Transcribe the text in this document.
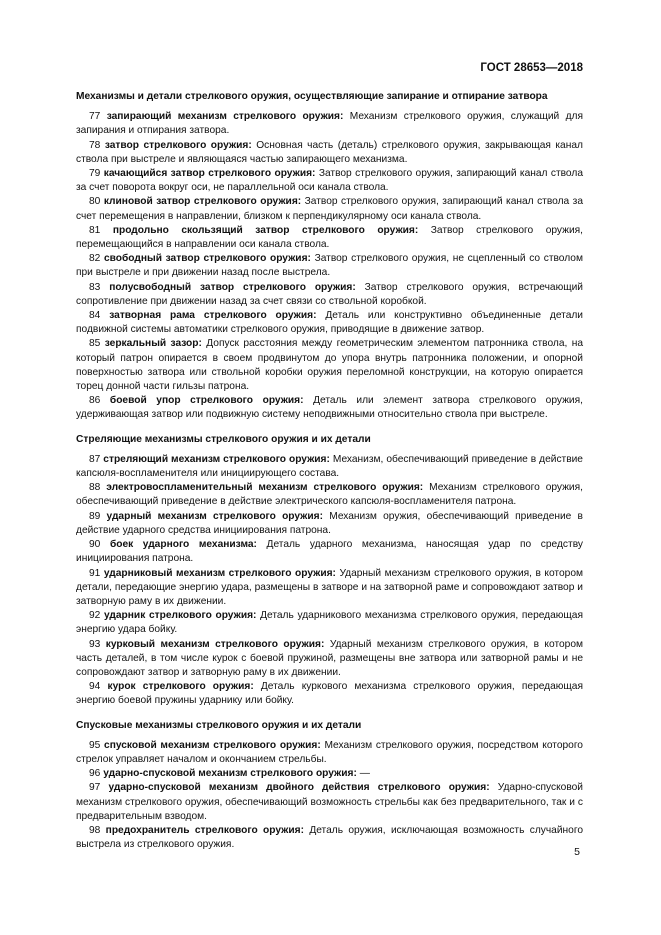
ГОСТ 28653—2018

Механизмы и детали стрелкового оружия, осуществляющие запирание и отпирание затвора

77 запирающий механизм стрелкового оружия: Механизм стрелкового оружия, служащий для запирания и отпирания затвора.

78 затвор стрелкового оружия: Основная часть (деталь) стрелкового оружия, закрывающая канал ствола при выстреле и являющаяся частью запирающего механизма.

79 качающийся затвор стрелкового оружия: Затвор стрелкового оружия, запирающий канал ствола за счет поворота вокруг оси, не параллельной оси канала ствола.

80 клиновой затвор стрелкового оружия: Затвор стрелкового оружия, запирающий канал ствола за счет перемещения в направлении, близком к перпендикулярному оси канала ствола.

81 продольно скользящий затвор стрелкового оружия: Затвор стрелкового оружия, перемещающийся в направлении оси канала ствола.

82 свободный затвор стрелкового оружия: Затвор стрелкового оружия, не сцепленный со стволом при выстреле и при движении назад после выстрела.

83 полусвободный затвор стрелкового оружия: Затвор стрелкового оружия, встречающий сопротивление при движении назад за счет связи со ствольной коробкой.

84 затворная рама стрелкового оружия: Деталь или конструктивно объединенные детали подвижной системы автоматики стрелкового оружия, приводящие в движение затвор.

85 зеркальный зазор: Допуск расстояния между геометрическим элементом патронника ствола, на который патрон опирается в своем продвинутом до упора внутрь патронника положении, и опорной поверхностью затвора или ствольной коробки оружия переломной конструкции, на которую опирается торец донной части гильзы патрона.

86 боевой упор стрелкового оружия: Деталь или элемент затвора стрелкового оружия, удерживающая затвор или подвижную систему неподвижными относительно ствола при выстреле.

Стреляющие механизмы стрелкового оружия и их детали

87 стреляющий механизм стрелкового оружия: Механизм, обеспечивающий приведение в действие капсюля-воспламенителя или инициирующего состава.

88 электровоспламенительный механизм стрелкового оружия: Механизм стрелкового оружия, обеспечивающий приведение в действие электрического капсюля-воспламенителя патрона.

89 ударный механизм стрелкового оружия: Механизм оружия, обеспечивающий приведение в действие ударного средства инициирования патрона.

90 боек ударного механизма: Деталь ударного механизма, наносящая удар по средству инициирования патрона.

91 ударниковый механизм стрелкового оружия: Ударный механизм стрелкового оружия, в котором детали, передающие энергию удара, размещены в затворе и на затворной раме и сопровождают затвор и затворную раму в их движении.

92 ударник стрелкового оружия: Деталь ударникового механизма стрелкового оружия, передающая энергию удара бойку.

93 курковый механизм стрелкового оружия: Ударный механизм стрелкового оружия, в котором часть деталей, в том числе курок с боевой пружиной, размещены вне затвора или затворной рамы и не сопровождают затвор и затворную раму в их движении.

94 курок стрелкового оружия: Деталь куркового механизма стрелкового оружия, передающая энергию боевой пружины ударнику или бойку.

Спусковые механизмы стрелкового оружия и их детали

95 спусковой механизм стрелкового оружия: Механизм стрелкового оружия, посредством которого стрелок управляет началом и окончанием стрельбы.

96 ударно-спусковой механизм стрелкового оружия: —

97 ударно-спусковой механизм двойного действия стрелкового оружия: Ударно-спусковой механизм стрелкового оружия, обеспечивающий возможность стрельбы как без предварительного, так и с предварительным взводом.

98 предохранитель стрелкового оружия: Деталь оружия, исключающая возможность случайного выстрела из стрелкового оружия.

5
